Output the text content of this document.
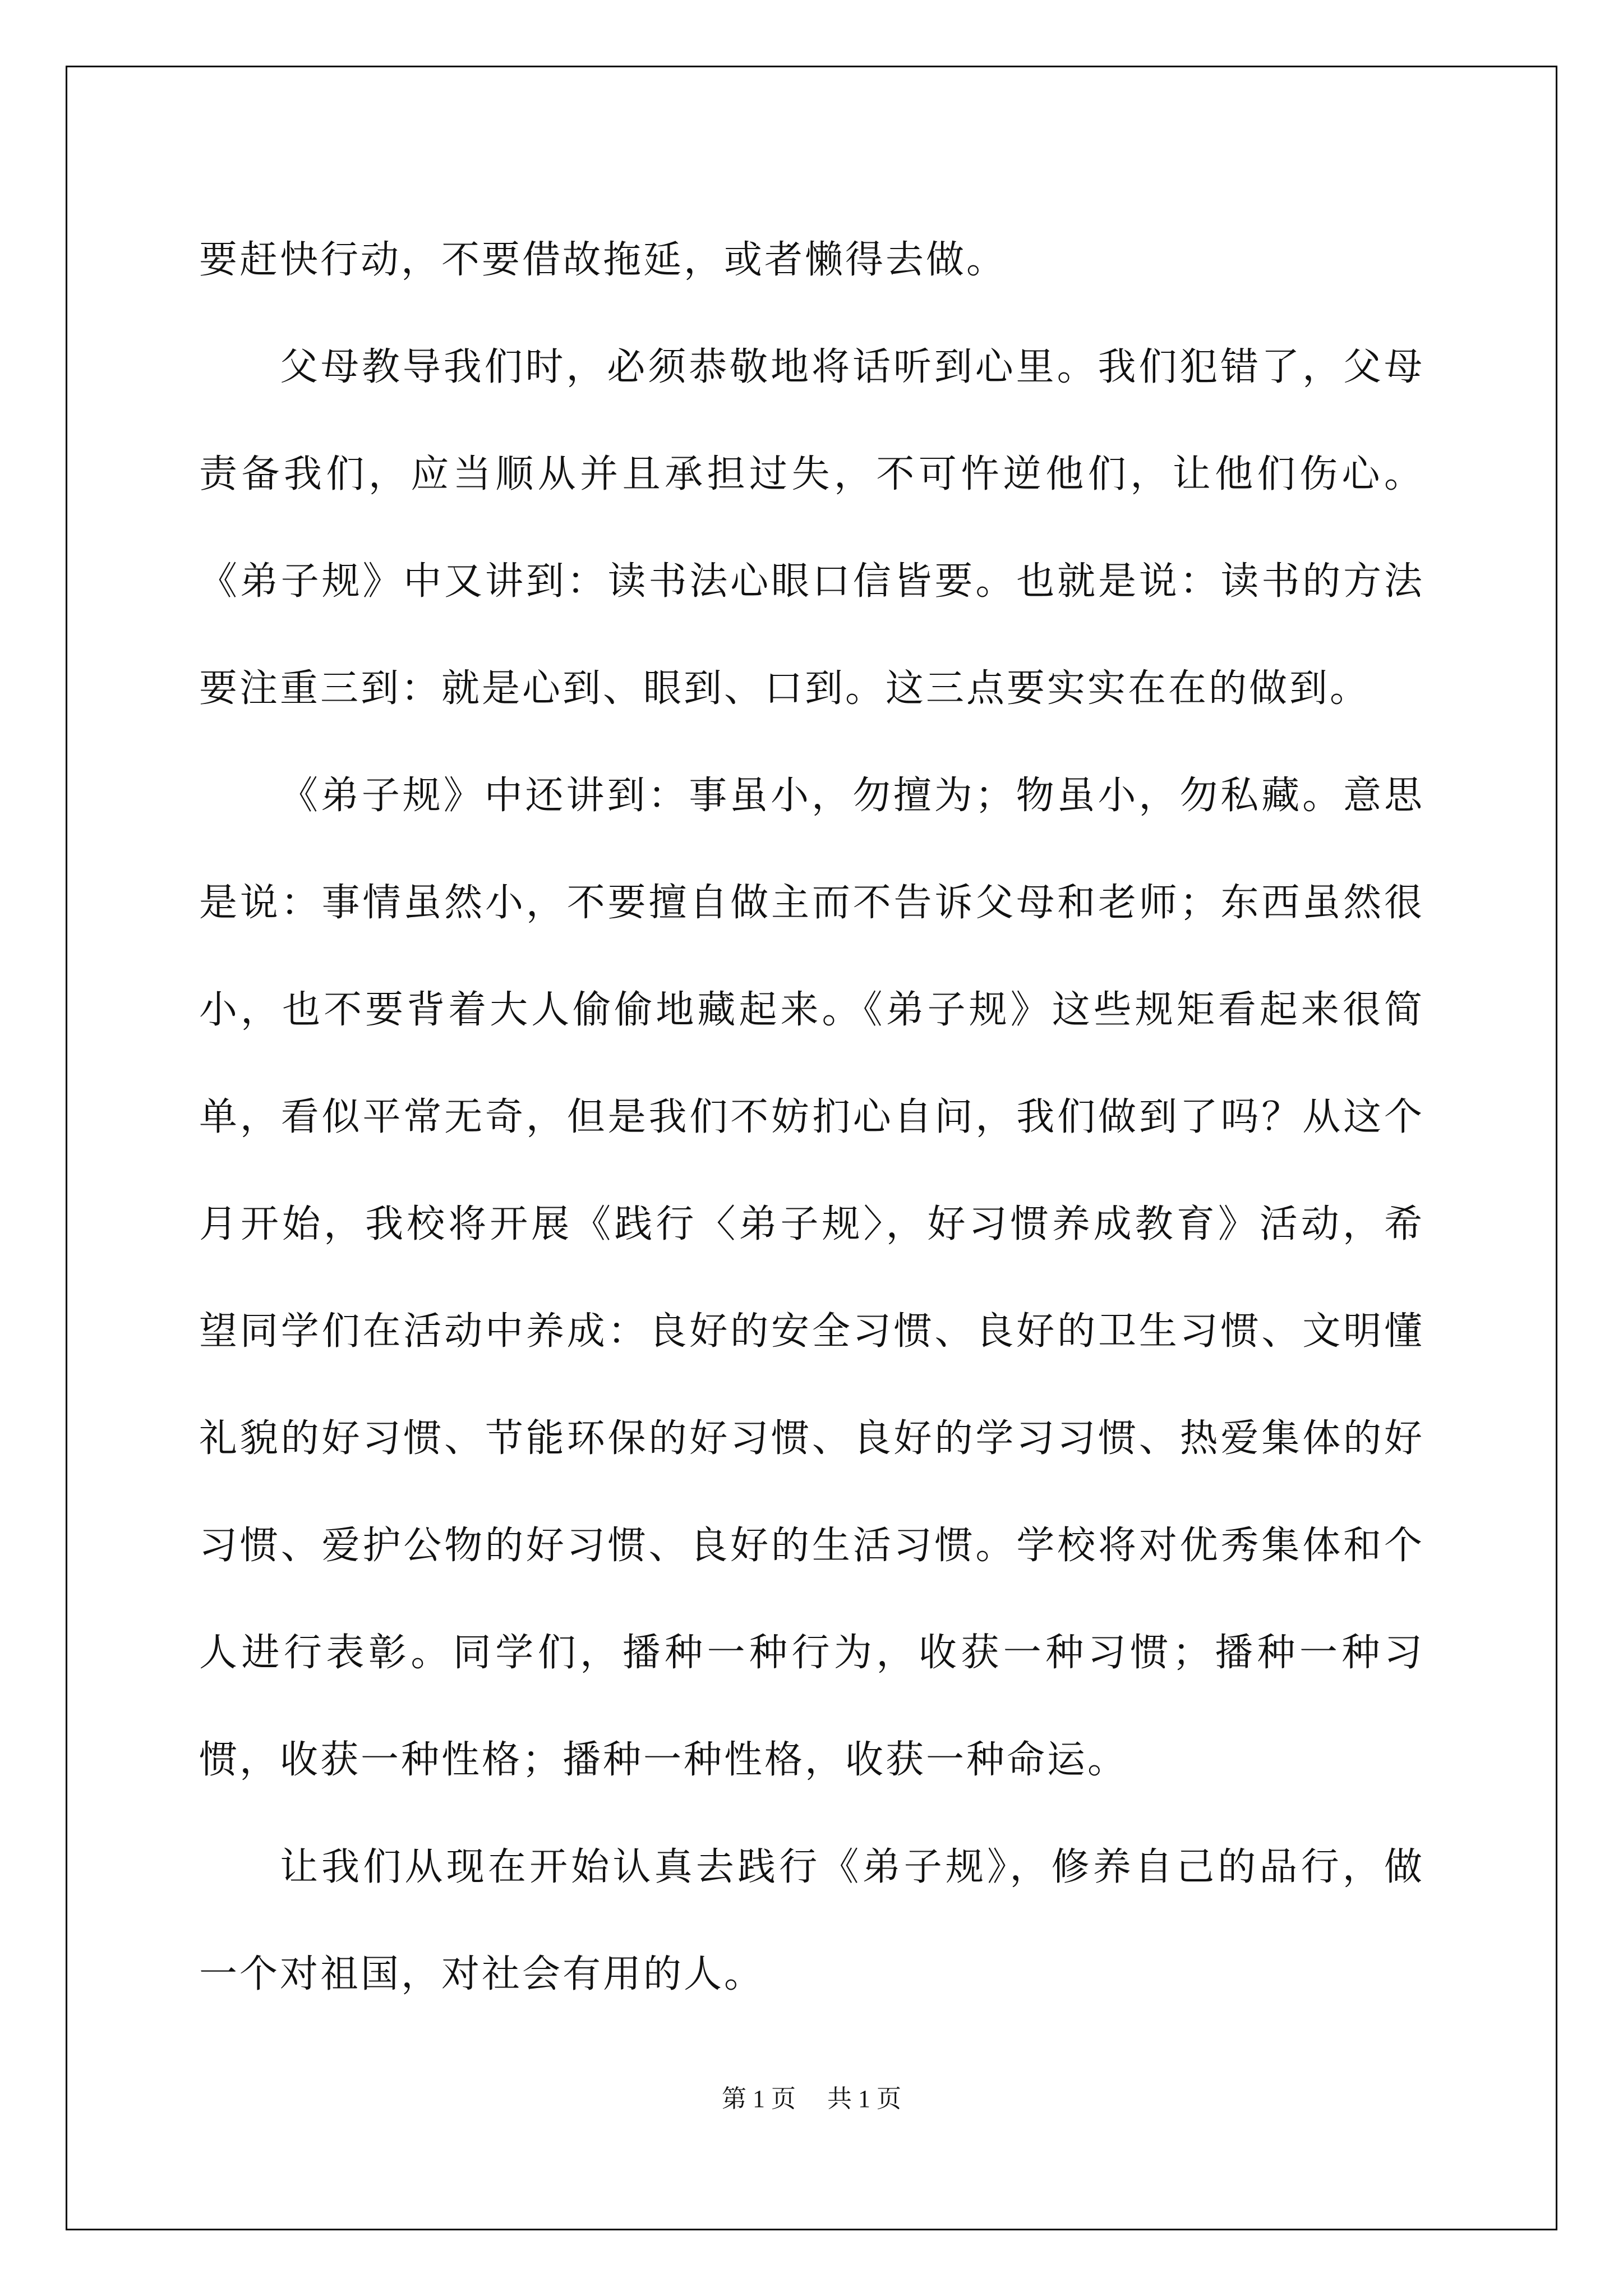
要赶快行动，不要借故拖延，或者懒得去做。

父母教导我们时，必须恭敬地将话听到心里。我们犯错了，父母责备我们，应当顺从并且承担过失，不可忤逆他们，让他们伤心。《弟子规》中又讲到：读书法心眼口信皆要。也就是说：读书的方法要注重三到：就是心到、眼到、口到。这三点要实实在在的做到。

《弟子规》中还讲到：事虽小，勿擅为；物虽小，勿私藏。意思是说：事情虽然小，不要擅自做主而不告诉父母和老师；东西虽然很小，也不要背着大人偷偷地藏起来。《弟子规》这些规矩看起来很简单，看似平常无奇，但是我们不妨扪心自问，我们做到了吗？从这个月开始，我校将开展《践行〈弟子规〉，好习惯养成教育》活动，希望同学们在活动中养成：良好的安全习惯、良好的卫生习惯、文明懂礼貌的好习惯、节能环保的好习惯、良好的学习习惯、热爱集体的好习惯、爱护公物的好习惯、良好的生活习惯。学校将对优秀集体和个人进行表彰。同学们，播种一种行为，收获一种习惯；播种一种习惯，收获一种性格；播种一种性格，收获一种命运。

让我们从现在开始认真去践行《弟子规》，修养自己的品行，做一个对祖国，对社会有用的人。

第 1 页 共 1 页
